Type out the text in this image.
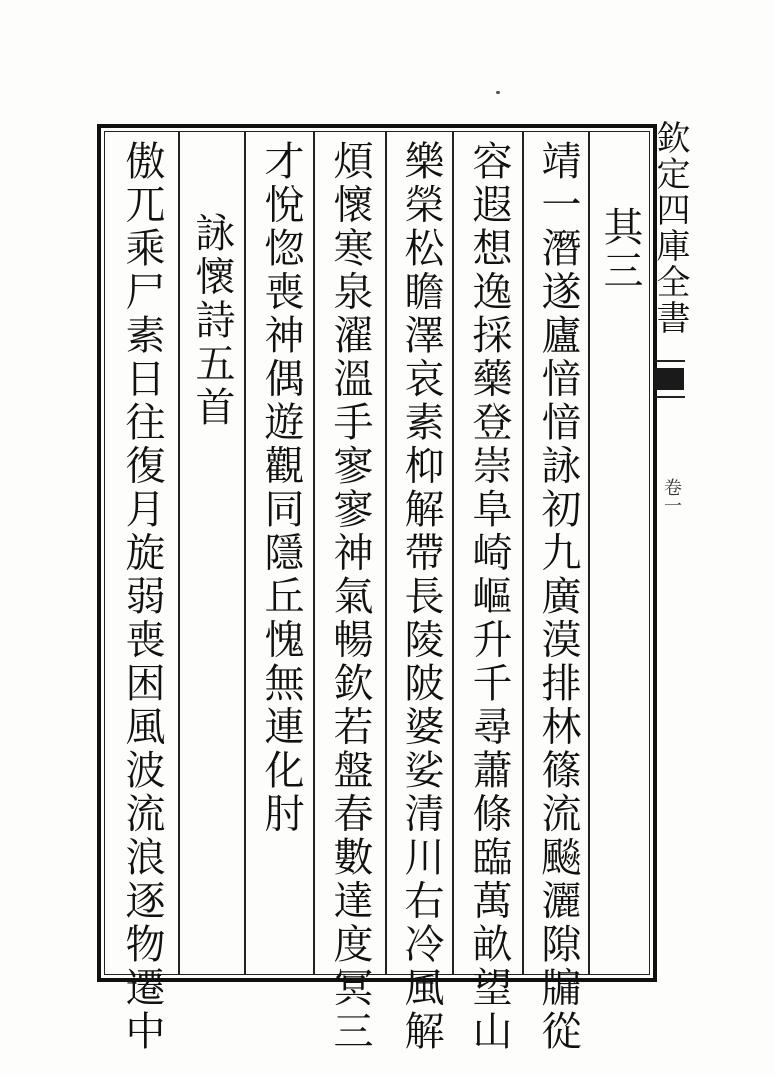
靖一潛遂廬愔愔詠初九廣漠排林篠流飈灑隙牖從 其三
容遐想逸採藥登崇阜崎嶇升千尋蕭條臨萬畝望山
樂榮松瞻澤哀素枊解帶長陵陂婆娑清川右冷風解
煩懷寒泉濯溫手寥寥神氣暢欽若盤春數達度冥三
才悅惚喪神偶遊觀同隱丘愧無連化肘
詠懷詩五首
傲兀乘尸素日往復月旋弱喪困風波流浪逐物遷中	欽定四庫全書
卷一
